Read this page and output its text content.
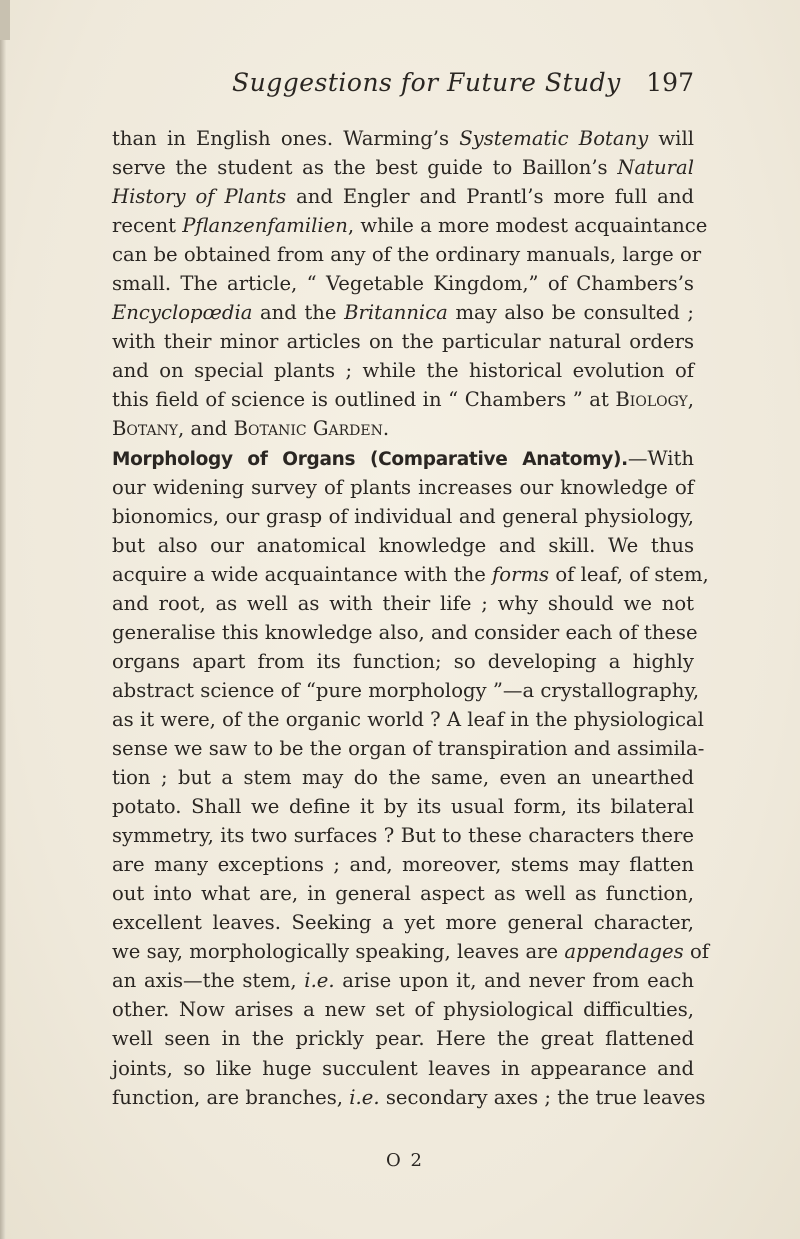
Suggestions for Future Study 197
than in English ones. Warming’s Systematic Botany will
serve the student as the best guide to Baillon’s Natural
History of Plants and Engler and Prantl’s more full and
recent Pflanzenfamilien, while a more modest acquaintance
can be obtained from any of the ordinary manuals, large or
small. The article, “ Vegetable Kingdom,” of Chambers’s
Encyclopœdia and the Britannica may also be consulted ;
with their minor articles on the particular natural orders
and on special plants ; while the historical evolution of
this field of science is outlined in “ Chambers ” at Biology,
Botany, and Botanic Garden.
Morphology of Organs (Comparative Anatomy).—With
our widening survey of plants increases our knowledge of
bionomics, our grasp of individual and general physiology,
but also our anatomical knowledge and skill. We thus
acquire a wide acquaintance with the forms of leaf, of stem,
and root, as well as with their life ; why should we not
generalise this knowledge also, and consider each of these
organs apart from its function; so developing a highly
abstract science of “pure morphology ”—a crystallography,
as it were, of the organic world ? A leaf in the physiological
sense we saw to be the organ of transpiration and assimila-
tion ; but a stem may do the same, even an unearthed
potato. Shall we define it by its usual form, its bilateral
symmetry, its two surfaces ? But to these characters there
are many exceptions ; and, moreover, stems may flatten
out into what are, in general aspect as well as function,
excellent leaves. Seeking a yet more general character,
we say, morphologically speaking, leaves are appendages of
an axis—the stem, i.e. arise upon it, and never from each
other. Now arises a new set of physiological difficulties,
well seen in the prickly pear. Here the great flattened
joints, so like huge succulent leaves in appearance and
function, are branches, i.e. secondary axes ; the true leaves
O 2
